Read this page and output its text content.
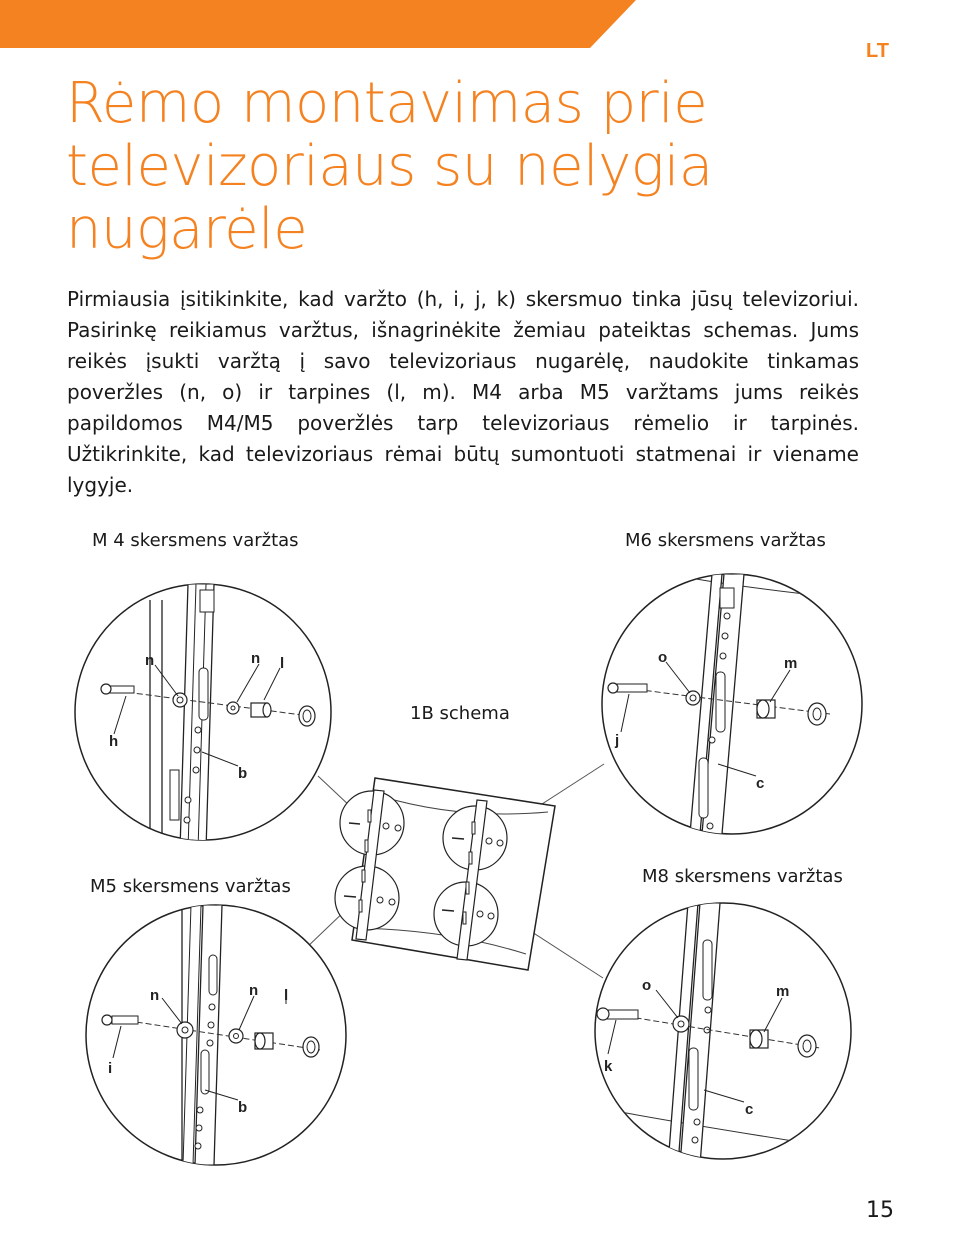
LT
Rėmo montavimas prie
televizoriaus su nelygia
nugarėle

Pirmiausia įsitikinkite, kad varžto (h, i, j, k) skersmuo tinka jūsų televizoriui. Pasirinkę reikiamus varžtus, išnagrinėkite žemiau pateiktas schemas. Jums reikės įsukti varžtą į savo televizoriaus nugarėlę, naudokite tinkamas poveržles (n, o) ir tarpines (l, m). M4 arba M5 varžtams jums reikės papildomos M4/M5 poveržlės tarp televizoriaus rėmelio ir tarpinės. Užtikrinkite, kad televizoriaus rėmai būtų sumontuoti statmenai ir viename lygyje.

M 4 skersmens varžtas	M6 skersmens varžtas
1B schema
M5 skersmens varžtas	M8 skersmens varžtas
n	n l
h
b
o	m
j
c
n	n l
i
b
o	m
k
c
15
